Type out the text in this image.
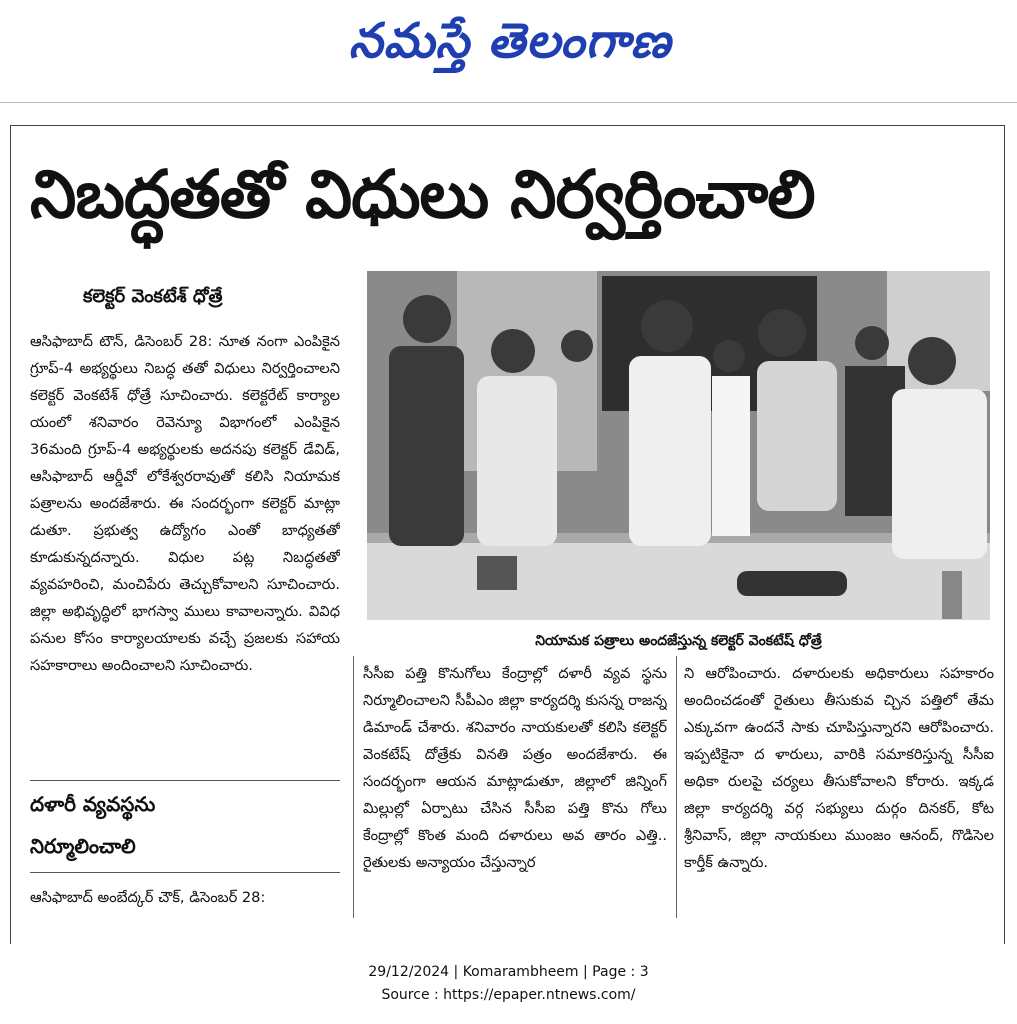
నమస్తే తెలంగాణ
నిబద్ధతతో విధులు నిర్వర్తించాలి
కలెక్టర్ వెంకటేశ్ ధోత్రే
ఆసిఫాబాద్ టౌన్, డిసెంబర్ 28: నూత నంగా ఎంపికైన గ్రూప్-4 అభ్యర్థులు నిబద్ధ తతో విధులు నిర్వర్తించాలని కలెక్టర్ వెంకటేశ్ ధోత్రే సూచించారు. కలెక్టరేట్ కార్యాల యంలో శనివారం రెవెన్యూ విభాగంలో ఎంపికైన 36మంది గ్రూప్-4 అభ్యర్థులకు అదనపు కలెక్టర్ డేవిడ్, ఆసిఫాబాద్ ఆర్డీవో లోకేశ్వరరావుతో కలిసి నియామక పత్రాలను అందజేశారు. ఈ సందర్భంగా కలెక్టర్ మాట్లా డుతూ. ప్రభుత్వ ఉద్యోగం ఎంతో బాధ్యతతో కూడుకున్నదన్నారు. విధుల పట్ల నిబద్ధతతో వ్యవహరించి, మంచిపేరు తెచ్చుకోవాలని సూచించారు. జిల్లా అభివృద్ధిలో భాగస్వా ములు కావాలన్నారు. వివిధ పనుల కోసం కార్యాలయాలకు వచ్చే ప్రజలకు సహాయ సహకారాలు అందించాలని సూచించారు.
దళారీ వ్యవస్థను
నిర్మూలించాలి
ఆసిఫాబాద్ అంబేద్కర్ చౌక్, డిసెంబర్ 28:
నియామక పత్రాలు అందజేస్తున్న కలెక్టర్ వెంకటేష్ ధోత్రే
సీసీఐ పత్తి కొనుగోలు కేంద్రాల్లో దళారీ వ్యవ స్థను నిర్మూలించాలని సీపీఎం జిల్లా కార్యదర్శి కుసన్న రాజన్న డిమాండ్ చేశారు. శనివారం నాయకులతో కలిసి కలెక్టర్ వెంకటేష్ దోత్రేకు వినతి పత్రం అందజేశారు. ఈ సందర్భంగా ఆయన మాట్లాడుతూ, జిల్లాలో జిన్నింగ్ మిల్లుల్లో ఏర్పాటు చేసిన సీసీఐ పత్తి కొను గోలు కేంద్రాల్లో కొంత మంది దళారులు అవ తారం ఎత్తి.. రైతులకు అన్యాయం చేస్తున్నార
ని ఆరోపించారు. దళారులకు అధికారులు సహకారం అందించడంతో రైతులు తీసుకువ చ్చిన పత్తిలో తేమ ఎక్కువగా ఉందనే సాకు చూపిస్తున్నారని ఆరోపించారు. ఇప్పటికైనా ద ళారులు, వారికి సమాకరిస్తున్న సీసీఐ అధికా రులపై చర్యలు తీసుకోవాలని కోరారు. ఇక్కడ జిల్లా కార్యదర్శి వర్గ సభ్యులు దుర్గం దినకర్, కోట శ్రీనివాస్, జిల్లా నాయకులు ముంజం ఆనంద్, గొడిసెల కార్తీక్ ఉన్నారు.
29/12/2024 | Komarambheem | Page : 3
Source : https://epaper.ntnews.com/
